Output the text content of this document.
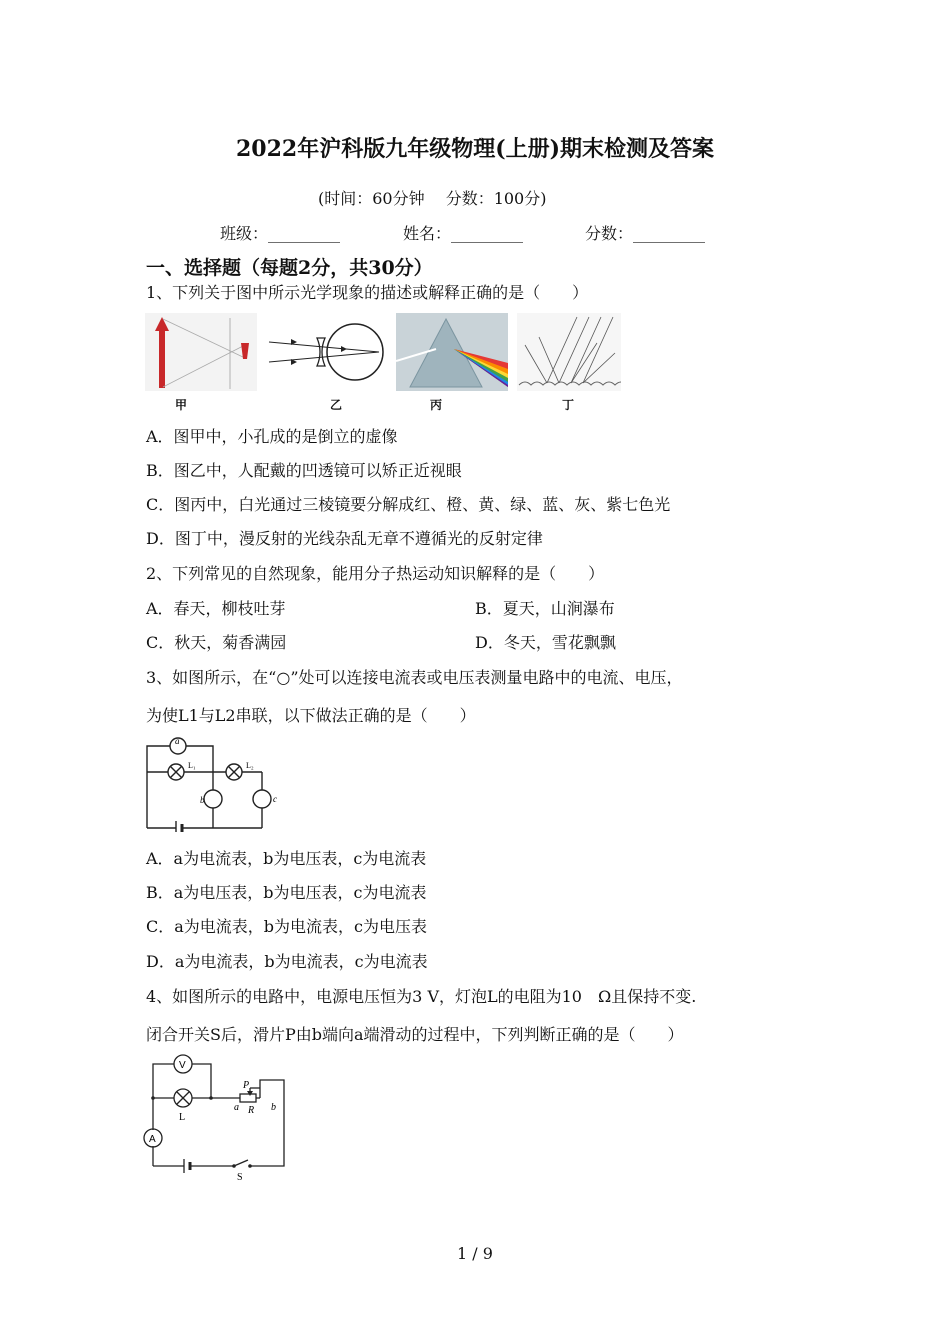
2022年沪科版九年级物理(上册)期末检测及答案
(时间：60分钟　 分数：100分)
班级：_________	姓名：_________	分数：_________
一、选择题（每题2分，共30分）
1、下列关于图中所示光学现象的描述或解释正确的是（　　）
甲	乙	丙	丁
A．图甲中，小孔成的是倒立的虚像
B．图乙中，人配戴的凹透镜可以矫正近视眼
C．图丙中，白光通过三棱镜要分解成红、橙、黄、绿、蓝、灰、紫七色光
D．图丁中，漫反射的光线杂乱无章不遵循光的反射定律
2、下列常见的自然现象，能用分子热运动知识解释的是（　　）
A．春天，柳枝吐芽	B．夏天，山涧瀑布
C．秋天，菊香满园	D．冬天，雪花飘飘
3、如图所示，在“○”处可以连接电流表或电压表测量电路中的电流、电压，
为使L1与L2串联，以下做法正确的是（　　）
a
b	c
L₁	L₂
A．a为电流表，b为电压表，c为电流表
B．a为电压表，b为电压表，c为电流表
C．a为电流表，b为电流表，c为电压表
D．a为电流表，b为电流表，c为电流表
4、如图所示的电路中，电源电压恒为3 V，灯泡L的电阻为10　Ω且保持不变.
闭合开关S后，滑片P由b端向a端滑动的过程中，下列判断正确的是（　　）
V
A
L
P
a R b
S
1 / 9
